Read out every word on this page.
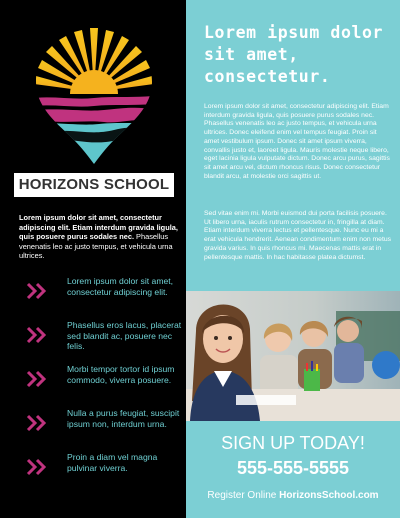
HORIZONS SCHOOL

Lorem ipsum dolor sit amet, consectetur adipiscing elit. Etiam interdum gravida ligula, quis posuere purus sodales nec. Phasellus venenatis leo ac justo tempus, et vehicula urna ultrices.

Lorem ipsum dolor sit amet, consectetur adipiscing elit.

Phasellus eros lacus, placerat sed blandit ac, posuere nec felis.

Morbi tempor tortor id ipsum commodo, viverra posuere.

Nulla a purus feugiat, suscipit ipsum non, interdum urna.

Proin a diam vel magna pulvinar viverra.

Lorem ipsum dolor sit amet, consectetur.

Lorem ipsum dolor sit amet, consectetur adipiscing elit. Etiam interdum gravida ligula, quis posuere purus sodales nec. Phasellus venenatis leo ac justo tempus, et vehicula urna ultrices. Donec eleifend enim vel tempus feugiat. Proin sit amet vestibulum ipsum. Donec sit amet ipsum viverra, convallis justo et, laoreet ligula. Mauris molestie neque libero, eget lacinia ligula vulputate dictum. Donec arcu purus, sagittis sit amet arcu vel, dictum rhoncus risus. Donec consectetur blandit arcu, at molestie orci sagittis ut.

Sed vitae enim mi. Morbi euismod dui porta facilisis posuere. Ut libero urna, iaculis rutrum consectetur in, fringilla at diam. Etiam interdum viverra lectus et pellentesque. Nunc eu mi a erat vehicula hendrerit. Aenean condimentum enim non metus gravida varius. In quis rhoncus mi. Maecenas mattis erat in pellentesque mattis. In hac habitasse platea dictumst.

SIGN UP TODAY!
555-555-5555
Register Online HorizonsSchool.com
